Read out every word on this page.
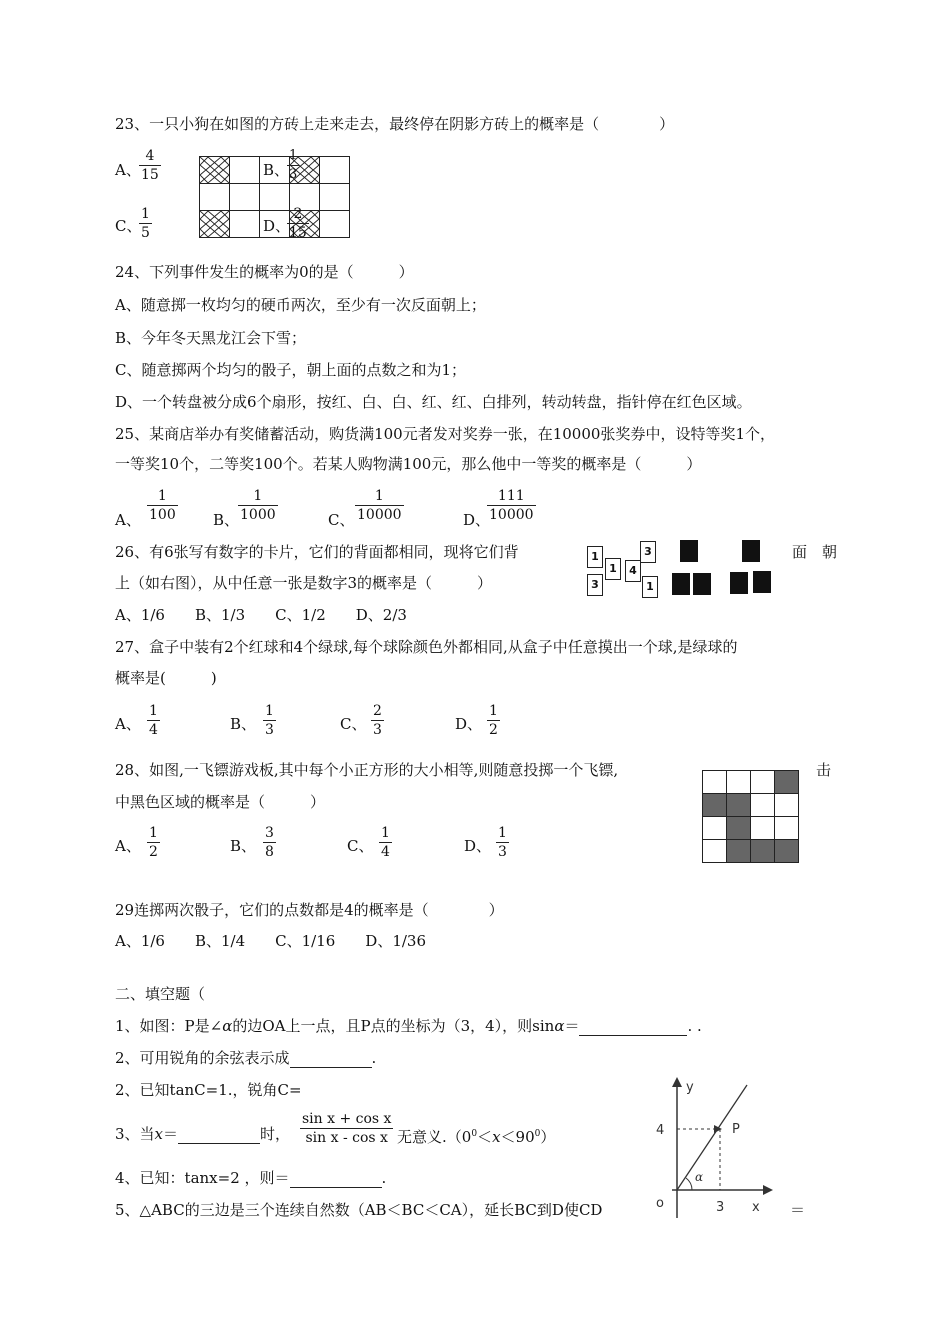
23、一只小狗在如图的方砖上走来走去，最终停在阴影方砖上的概率是（　　　　）
A、
$\frac{4}{15}$

		B、
$\frac{1}{3}$
C、
$\frac{1}{5}$	D、
$\frac{2}{15}$
24、下列事件发生的概率为0的是（　　　）
A、随意掷一枚均匀的硬币两次，至少有一次反面朝上；
B、今年冬天黑龙江会下雪；
C、随意掷两个均匀的骰子，朝上面的点数之和为1；
D、一个转盘被分成6个扇形，按红、白、白、红、红、白排列，转动转盘，指针停在红色区域。
25、某商店举办有奖储蓄活动，购货满100元者发对奖券一张，在10000张奖券中，设特等奖1个，
一等奖10个，二等奖100个。若某人购物满100元，那么他中一等奖的概率是（　　　）
A、 $\frac{1}{100}$ B、
$\frac{1}{1000}$	C、 $\frac{1}{10000}$	D、
$\frac{111}{10000}$
26、有6张写有数字的卡片，它们的背面都相同，现将它们背	面　朝
上（如右图），从中任意一张是数字3的概率是（　　　）
A、1/6　　B、1/3　　C、1/2　　D、2/3
1
1
3
4
3
1
27、盒子中装有2个红球和4个绿球,每个球除颜色外都相同,从盒子中任意摸出一个球,是绿球的
概率是(　　　)
A、 $\frac{1}{4}$	B、 $\frac{1}{3}$	C、 $\frac{2}{3}$	D、 $\frac{1}{2}$
28、如图,一飞镖游戏板,其中每个小正方形的大小相等,则随意投掷一个飞镖,	击
中黑色区域的概率是（　　　）

A、 $\frac{1}{2}$	B、 $\frac{3}{8}$	C、 $\frac{1}{4}$	D、 $\frac{1}{3}$
29连掷两次骰子，它们的点数都是4的概率是（　　　　）
A、1/6　　B、1/4　　C、1/16　　D、1/36
二、填空题（
1、如图：P是∠α的边OA上一点，且P点的坐标为（3，4），则sinα＝	. .
2、可用锐角的余弦表示成	.
2、已知tanC=1.，锐角C=
3、当x＝	时， $\frac{\text{sin x + cos x}}{\text{sin x - cos x}}$ 无意义$.(0^0<x<90^0)$
4、已知：tanx=2 ，则＝	.
5、△ABC的三边是三个连续自然数（AB＜BC＜CA），延长BC到D使CD	＝
y
x
o
P
4
3
α
